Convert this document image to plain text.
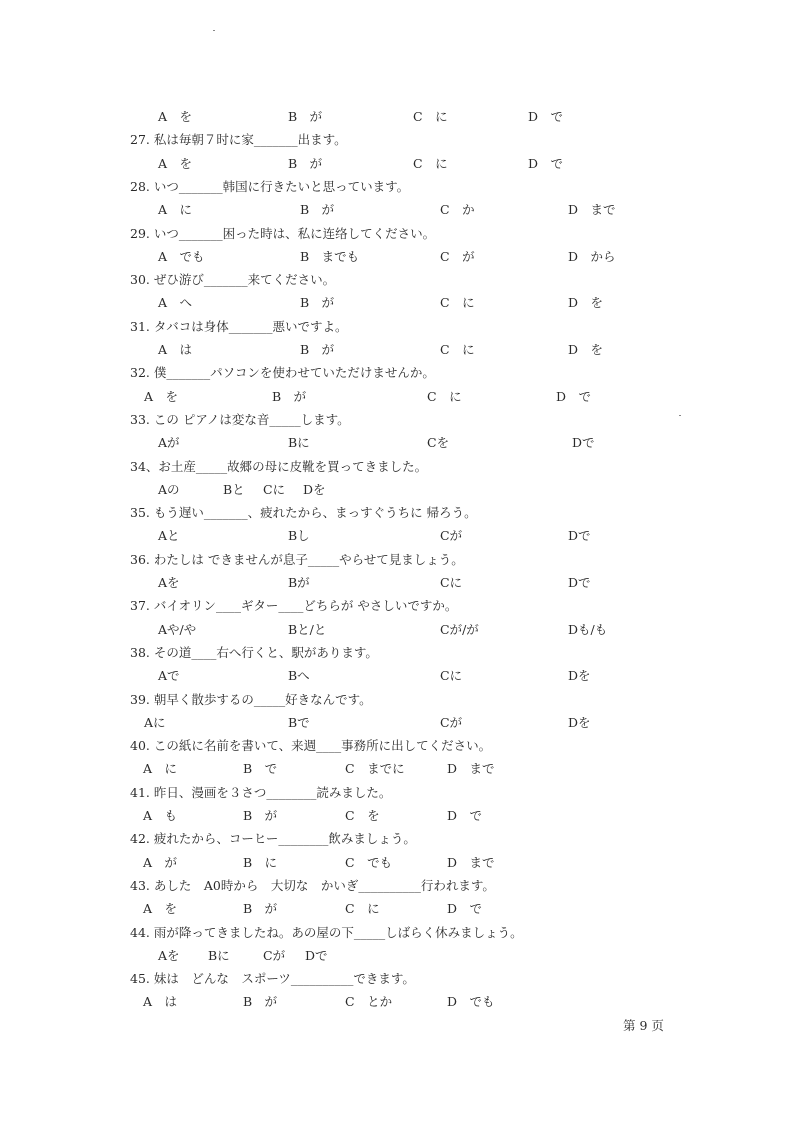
A　を	B　が	C　に	D　で
27. 私は毎朝７时に家_______出ます。
A　を	B　が	C　に	D　で
28. いつ_______韩国に行きたいと思っています。
A　に	B　が	C　か	D　まで
29. いつ_______困った時は、私に连络してください。
A　でも	B　までも	C　が	D　から
30. ぜひ游び_______来てください。
A　へ	B　が	C　に	D　を
31. タバコは身体_______悪いですよ。
A　は	B　が	C　に	D　を
32. 僕_______パソコンを使わせていただけませんか。
A　を	B　が	C　に	D　で
33. この ピアノは変な音_____します。
Aが	Bに	Cを	Dで
34、お土産_____故郷の母に皮靴を買ってきました。
Aの	Bと Cに Dを
35. もう遅い_______、疲れたから、まっすぐうちに 帰ろう。
Aと	Bし	Cが	Dで
36. わたしは できませんが息子_____やらせて見ましょう。
Aを	Bが	Cに	Dで
37. バイオリン____ギター____どちらが やさしいですか。
Aや/や	Bと/と	Cが/が	Dも/も
38. その道____右へ行くと、駅があります。
Aで	Bへ	Cに	Dを
39. 朝早く散歩するの_____好きなんです。
Aに	Bで	Cが	Dを
40. この紙に名前を書いて、来週____事務所に出してください。
A　に	B　で	C　までに	D　まで
41. 昨日、漫画を３さつ________読みました。
A　も	B　が	C　を	D　で
42. 疲れたから、コーヒー________飲みましょう。
A　が	B　に	C　でも	D　まで
43. あした　A0時から　大切な　かいぎ__________行われます。
A　を	B　が	C　に	D　で
44. 雨が降ってきましたね。あの屋の下_____しばらく休みましょう。
Aを Bに	Cが Dで
45. 妹は　どんな　スポーツ__________できます。
A　は	B　が	C　とか	D　でも
第 9 页
